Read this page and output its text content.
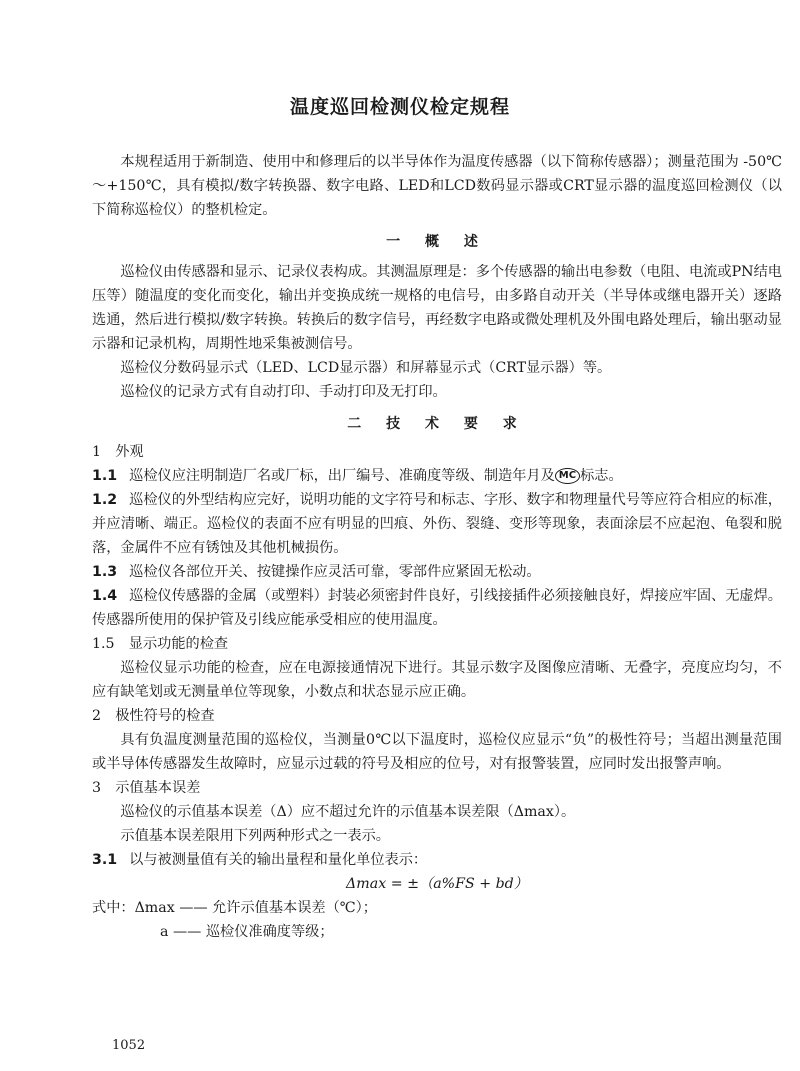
温度巡回检测仪检定规程

本规程适用于新制造、使用中和修理后的以半导体作为温度传感器（以下简称传感器）；测量范围为 -50℃～+150℃，具有模拟/数字转换器、数字电路、LED和LCD数码显示器或CRT显示器的温度巡回检测仪（以下简称巡检仪）的整机检定。

一 概 述

巡检仪由传感器和显示、记录仪表构成。其测温原理是：多个传感器的输出电参数（电阻、电流或PN结电压等）随温度的变化而变化，输出并变换成统一规格的电信号，由多路自动开关（半导体或继电器开关）逐路选通，然后进行模拟/数字转换。转换后的数字信号，再经数字电路或微处理机及外围电路处理后，输出驱动显示器和记录机构，周期性地采集被测信号。

巡检仪分数码显示式（LED、LCD显示器）和屏幕显示式（CRT显示器）等。

巡检仪的记录方式有自动打印、手动打印及无打印。

二 技 术 要 求

1　外观

1.1 巡检仪应注明制造厂名或厂标，出厂编号、准确度等级、制造年月及 MC 标志。

1.2 巡检仪的外型结构应完好，说明功能的文字符号和标志、字形、数字和物理量代号等应符合相应的标准，并应清晰、端正。巡检仪的表面不应有明显的凹痕、外伤、裂缝、变形等现象，表面涂层不应起泡、龟裂和脱落，金属件不应有锈蚀及其他机械损伤。

1.3 巡检仪各部位开关、按键操作应灵活可靠，零部件应紧固无松动。

1.4 巡检仪传感器的金属（或塑料）封装必须密封件良好，引线接插件必须接触良好，焊接应牢固、无虚焊。传感器所使用的保护管及引线应能承受相应的使用温度。

1.5　显示功能的检查

巡检仪显示功能的检查，应在电源接通情况下进行。其显示数字及图像应清晰、无叠字，亮度应均匀，不应有缺笔划或无测量单位等现象，小数点和状态显示应正确。

2　极性符号的检查

具有负温度测量范围的巡检仪，当测量0℃以下温度时，巡检仪应显示“负”的极性符号；当超出测量范围或半导体传感器发生故障时，应显示过载的符号及相应的位号，对有报警装置，应同时发出报警声响。

3　示值基本误差

巡检仪的示值基本误差（Δ）应不超过允许的示值基本误差限（Δmax）。

示值基本误差限用下列两种形式之一表示。

3.1 以与被测量值有关的输出量程和量化单位表示：

Δmax = ±（a%FS + bd）

式中：Δmax —— 允许示值基本误差（℃）；

a —— 巡检仪准确度等级；

1052
